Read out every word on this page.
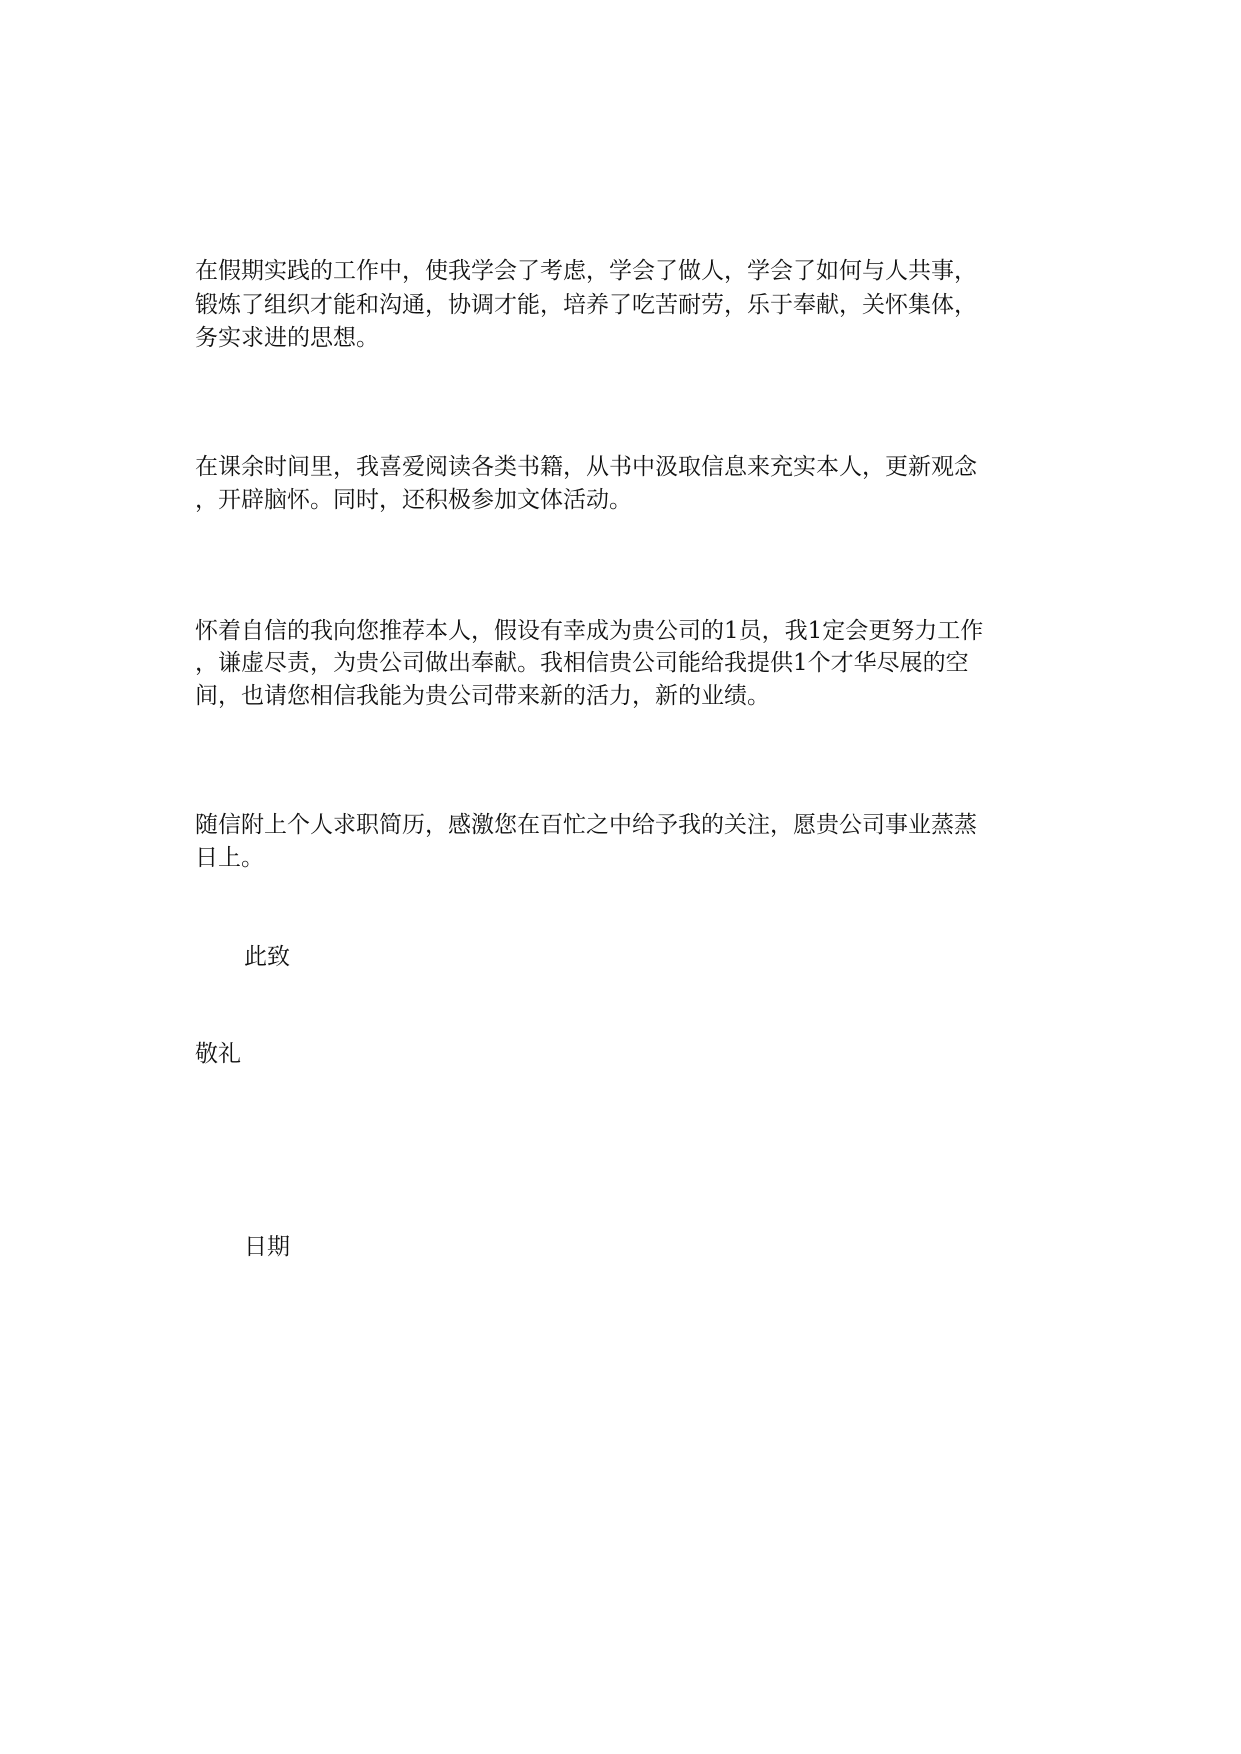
在假期实践的工作中，使我学会了考虑，学会了做人，学会了如何与人共事，
锻炼了组织才能和沟通，协调才能，培养了吃苦耐劳，乐于奉献，关怀集体，
务实求进的思想。
在课余时间里，我喜爱阅读各类书籍，从书中汲取信息来充实本人，更新观念
，开辟脑怀。同时，还积极参加文体活动。
怀着自信的我向您推荐本人，假设有幸成为贵公司的1员，我1定会更努力工作
，谦虚尽责，为贵公司做出奉献。我相信贵公司能给我提供1个才华尽展的空
间，也请您相信我能为贵公司带来新的活力，新的业绩。
随信附上个人求职简历，感激您在百忙之中给予我的关注，愿贵公司事业蒸蒸
日上。
此致
敬礼
日期
